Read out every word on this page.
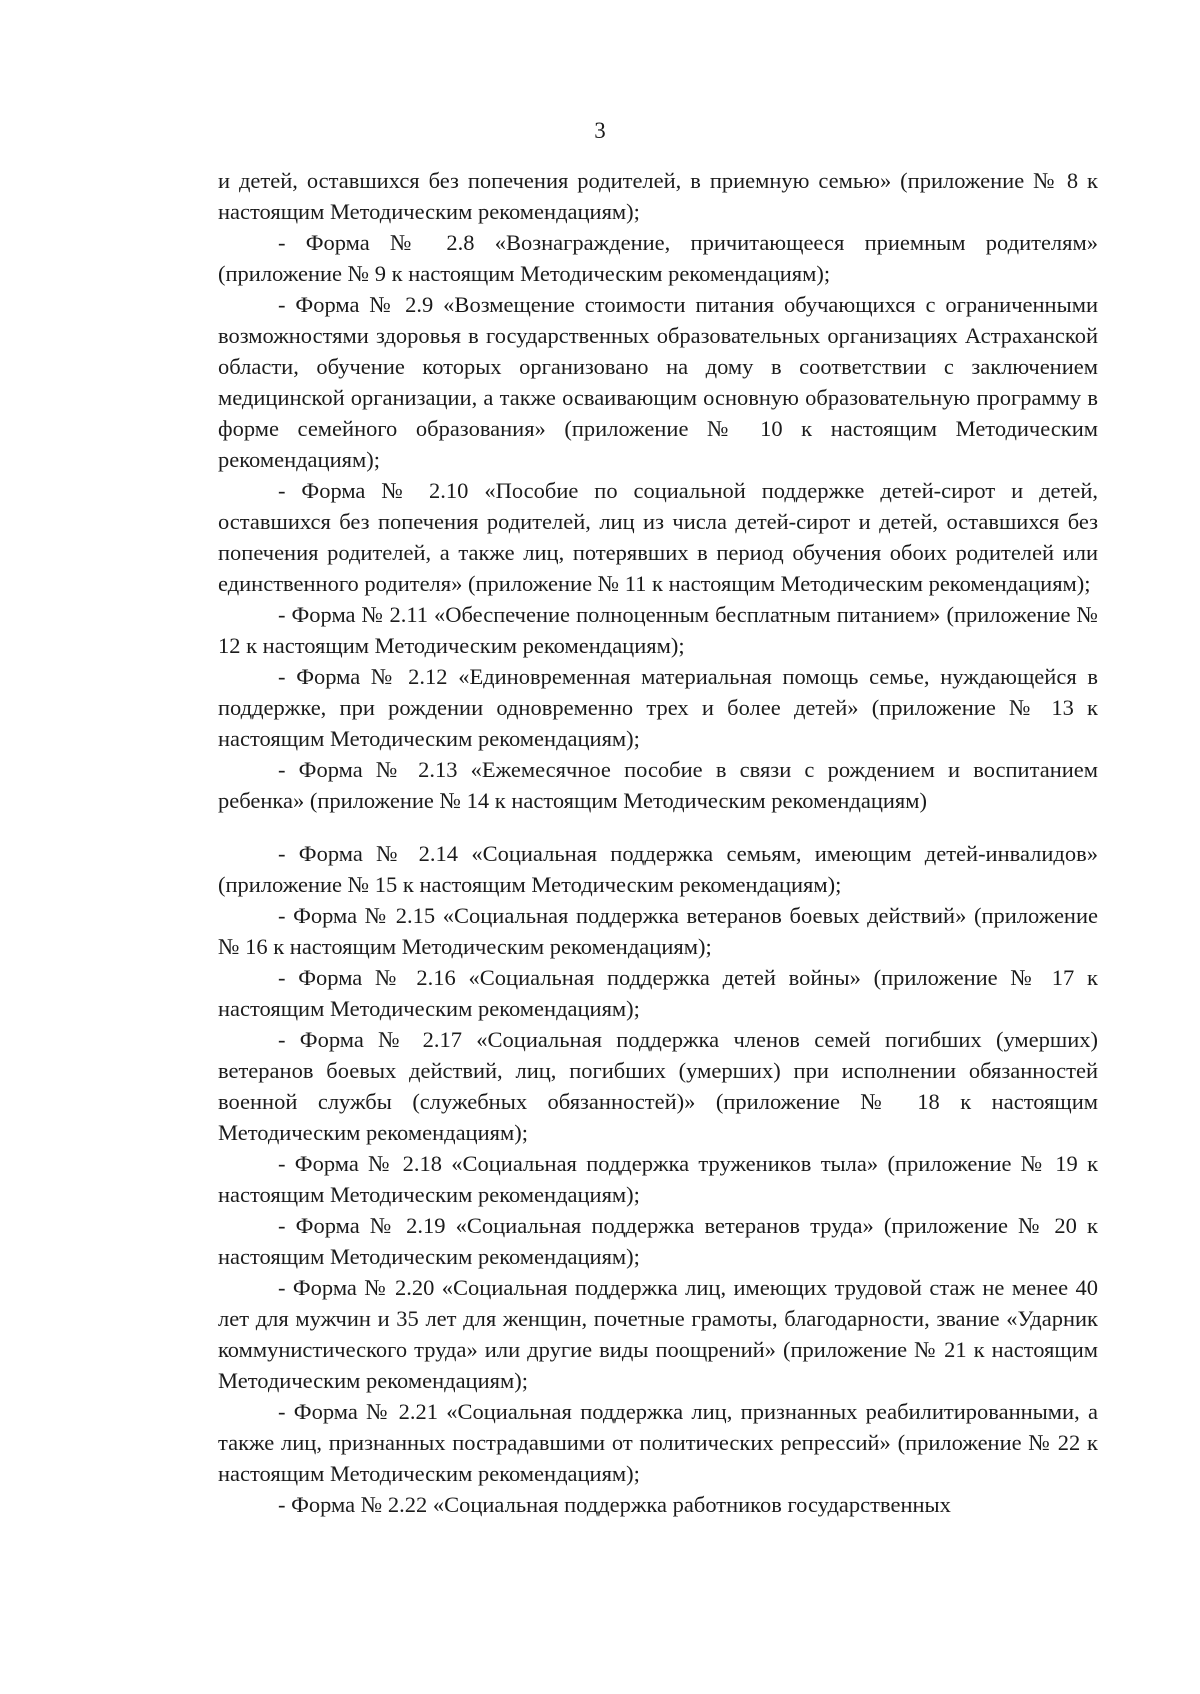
3

и детей, оставшихся без попечения родителей, в приемную семью» (приложение № 8 к настоящим Методическим рекомендациям);

- Форма № 2.8 «Вознаграждение, причитающееся приемным родителям» (приложение № 9 к настоящим Методическим рекомендациям);

- Форма № 2.9 «Возмещение стоимости питания обучающихся с ограниченными возможностями здоровья в государственных образовательных организациях Астраханской области, обучение которых организовано на дому в соответствии с заключением медицинской организации, а также осваивающим основную образовательную программу в форме семейного образования» (приложение № 10 к настоящим Методическим рекомендациям);

- Форма № 2.10 «Пособие по социальной поддержке детей-сирот и детей, оставшихся без попечения родителей, лиц из числа детей-сирот и детей, оставшихся без попечения родителей, а также лиц, потерявших в период обучения обоих родителей или единственного родителя» (приложение № 11 к настоящим Методическим рекомендациям);

- Форма № 2.11 «Обеспечение полноценным бесплатным питанием» (приложение № 12 к настоящим Методическим рекомендациям);

- Форма № 2.12 «Единовременная материальная помощь семье, нуждающейся в поддержке, при рождении одновременно трех и более детей» (приложение № 13 к настоящим Методическим рекомендациям);

- Форма № 2.13 «Ежемесячное пособие в связи с рождением и воспитанием ребенка» (приложение № 14 к настоящим Методическим рекомендациям)

- Форма № 2.14 «Социальная поддержка семьям, имеющим детей-инвалидов» (приложение № 15 к настоящим Методическим рекомендациям);

- Форма № 2.15 «Социальная поддержка ветеранов боевых действий» (приложение № 16 к настоящим Методическим рекомендациям);

- Форма № 2.16 «Социальная поддержка детей войны» (приложение № 17 к настоящим Методическим рекомендациям);

- Форма № 2.17 «Социальная поддержка членов семей погибших (умерших) ветеранов боевых действий, лиц, погибших (умерших) при исполнении обязанностей военной службы (служебных обязанностей)» (приложение № 18 к настоящим Методическим рекомендациям);

- Форма № 2.18 «Социальная поддержка тружеников тыла» (приложение № 19 к настоящим Методическим рекомендациям);

- Форма № 2.19 «Социальная поддержка ветеранов труда» (приложение № 20 к настоящим Методическим рекомендациям);

- Форма № 2.20 «Социальная поддержка лиц, имеющих трудовой стаж не менее 40 лет для мужчин и 35 лет для женщин, почетные грамоты, благодарности, звание «Ударник коммунистического труда» или другие виды поощрений» (приложение № 21 к настоящим Методическим рекомендациям);

- Форма № 2.21 «Социальная поддержка лиц, признанных реабилитированными, а также лиц, признанных пострадавшими от политических репрессий» (приложение № 22 к настоящим Методическим рекомендациям);

- Форма № 2.22 «Социальная поддержка работников государственных
